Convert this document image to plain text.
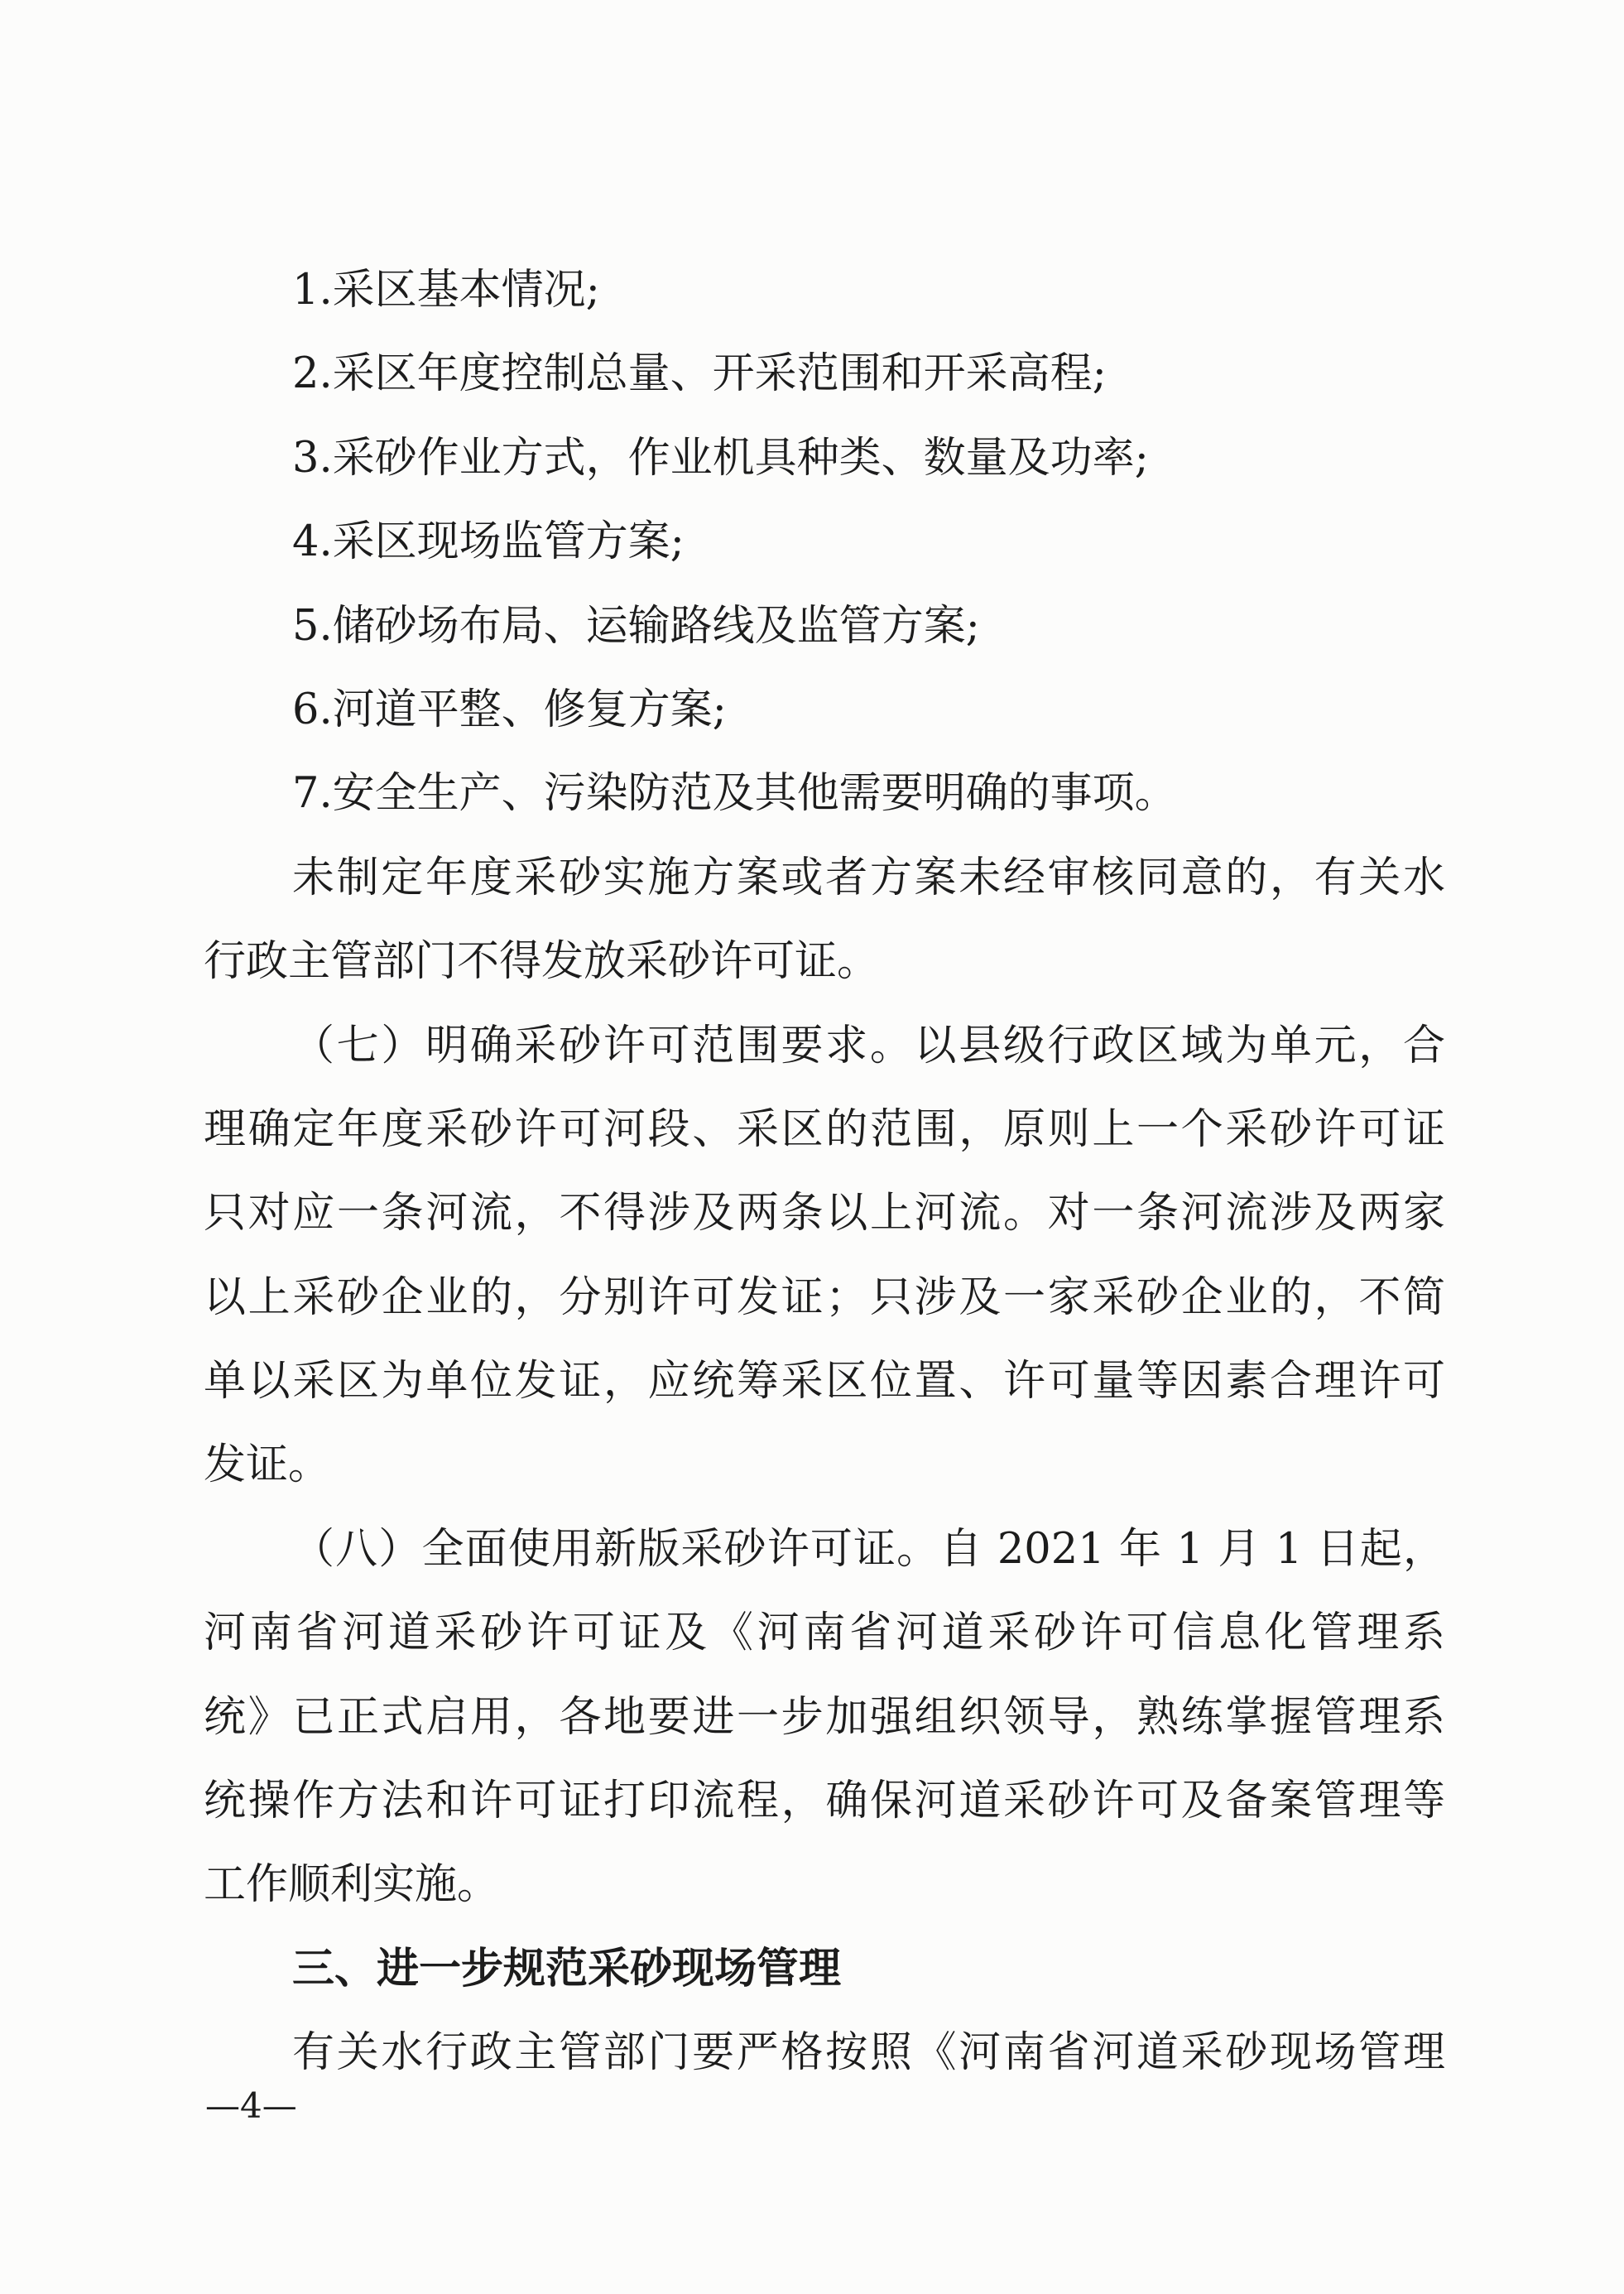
1.采区基本情况;
2.采区年度控制总量、开采范围和开采高程;
3.采砂作业方式，作业机具种类、数量及功率;
4.采区现场监管方案;
5.储砂场布局、运输路线及监管方案;
6.河道平整、修复方案;
7.安全生产、污染防范及其他需要明确的事项。
未制定年度采砂实施方案或者方案未经审核同意的，有关水
行政主管部门不得发放采砂许可证。
（七）明确采砂许可范围要求。以县级行政区域为单元，合
理确定年度采砂许可河段、采区的范围，原则上一个采砂许可证
只对应一条河流，不得涉及两条以上河流。对一条河流涉及两家
以上采砂企业的，分别许可发证；只涉及一家采砂企业的，不简
单以采区为单位发证，应统筹采区位置、许可量等因素合理许可
发证。
（八）全面使用新版采砂许可证。自 2021 年 1 月 1 日起，
河南省河道采砂许可证及《河南省河道采砂许可信息化管理系
统》已正式启用，各地要进一步加强组织领导，熟练掌握管理系
统操作方法和许可证打印流程，确保河道采砂许可及备案管理等
工作顺利实施。
三、进一步规范采砂现场管理
有关水行政主管部门要严格按照《河南省河道采砂现场管理
—4—
